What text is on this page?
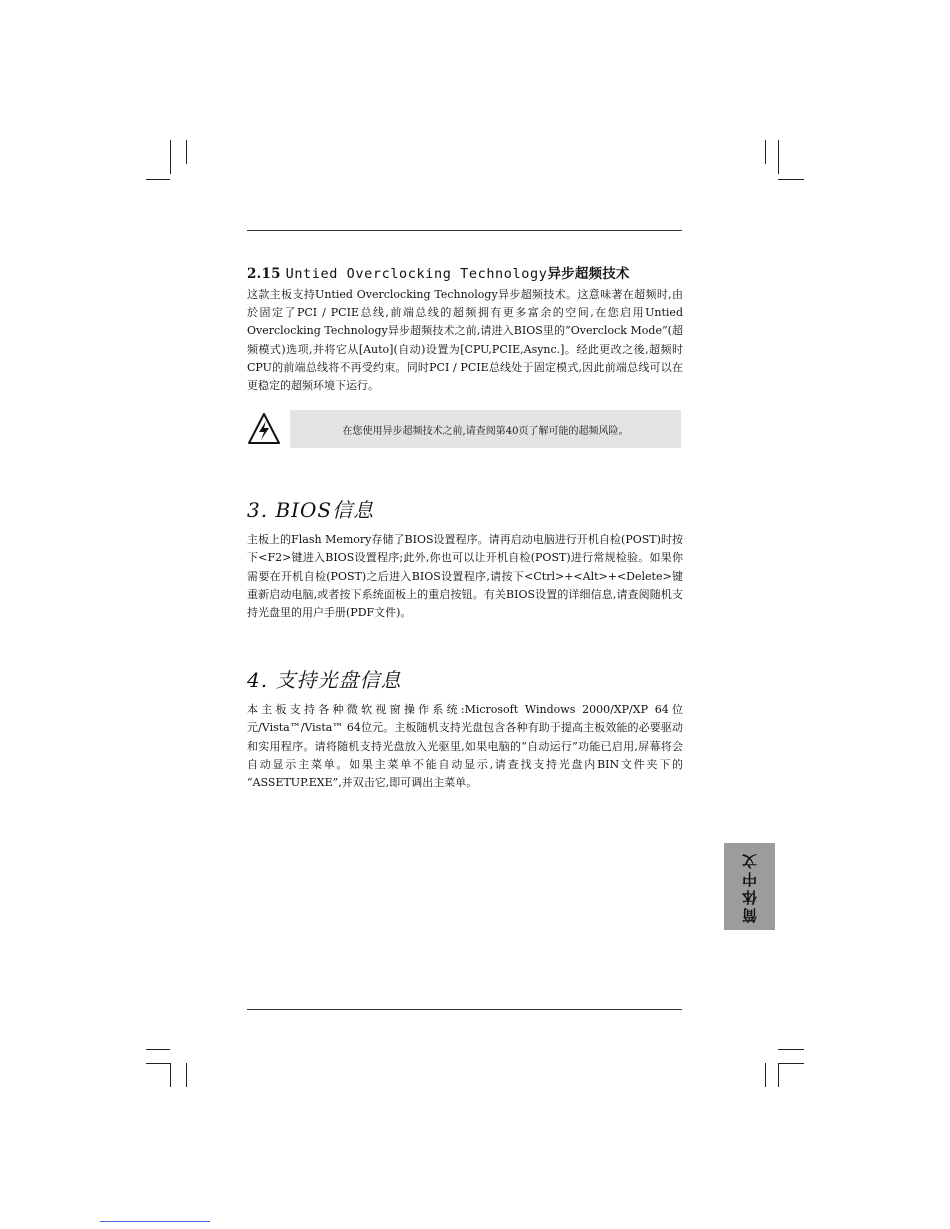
2.15 Untied Overclocking Technology异步超频技术

这款主板支持Untied Overclocking Technology异步超频技术。这意味著在超频时,由於固定了PCI / PCIE总线,前端总线的超频拥有更多富余的空间,在您启用Untied Overclocking Technology异步超频技术之前,请进入BIOS里的”Overclock Mode”(超频模式)选项,并将它从[Auto](自动)设置为[CPU,PCIE,Async.]。经此更改之後,超频时CPU的前端总线将不再受约束。同时PCI / PCIE总线处于固定模式,因此前端总线可以在更稳定的超频环境下运行。

在您使用异步超频技术之前,请查阅第40页了解可能的超频风险。
3. BIOS信息

主板上的Flash Memory存储了BIOS设置程序。请再启动电脑进行开机自检(POST)时按下<F2>键进入BIOS设置程序;此外,你也可以让开机自检(POST)进行常规检验。如果你需要在开机自检(POST)之后进入BIOS设置程序,请按下<Ctrl>+<Alt>+<Delete>键重新启动电脑,或者按下系统面板上的重启按钮。有关BIOS设置的详细信息,请查阅随机支持光盘里的用户手册(PDF文件)。

4. 支持光盘信息

本主板支持各种微软视窗操作系统:Microsoft Windows 2000/XP/XP 64位元/Vista™/Vista™ 64位元。主板随机支持光盘包含各种有助于提高主板效能的必要驱动和实用程序。请将随机支持光盘放入光驱里,如果电脑的“自动运行”功能已启用,屏幕将会自动显示主菜单。如果主菜单不能自动显示,请查找支持光盘内BIN文件夹下的 “ASSETUP.EXE”,并双击它,即可调出主菜单。

简体中文
